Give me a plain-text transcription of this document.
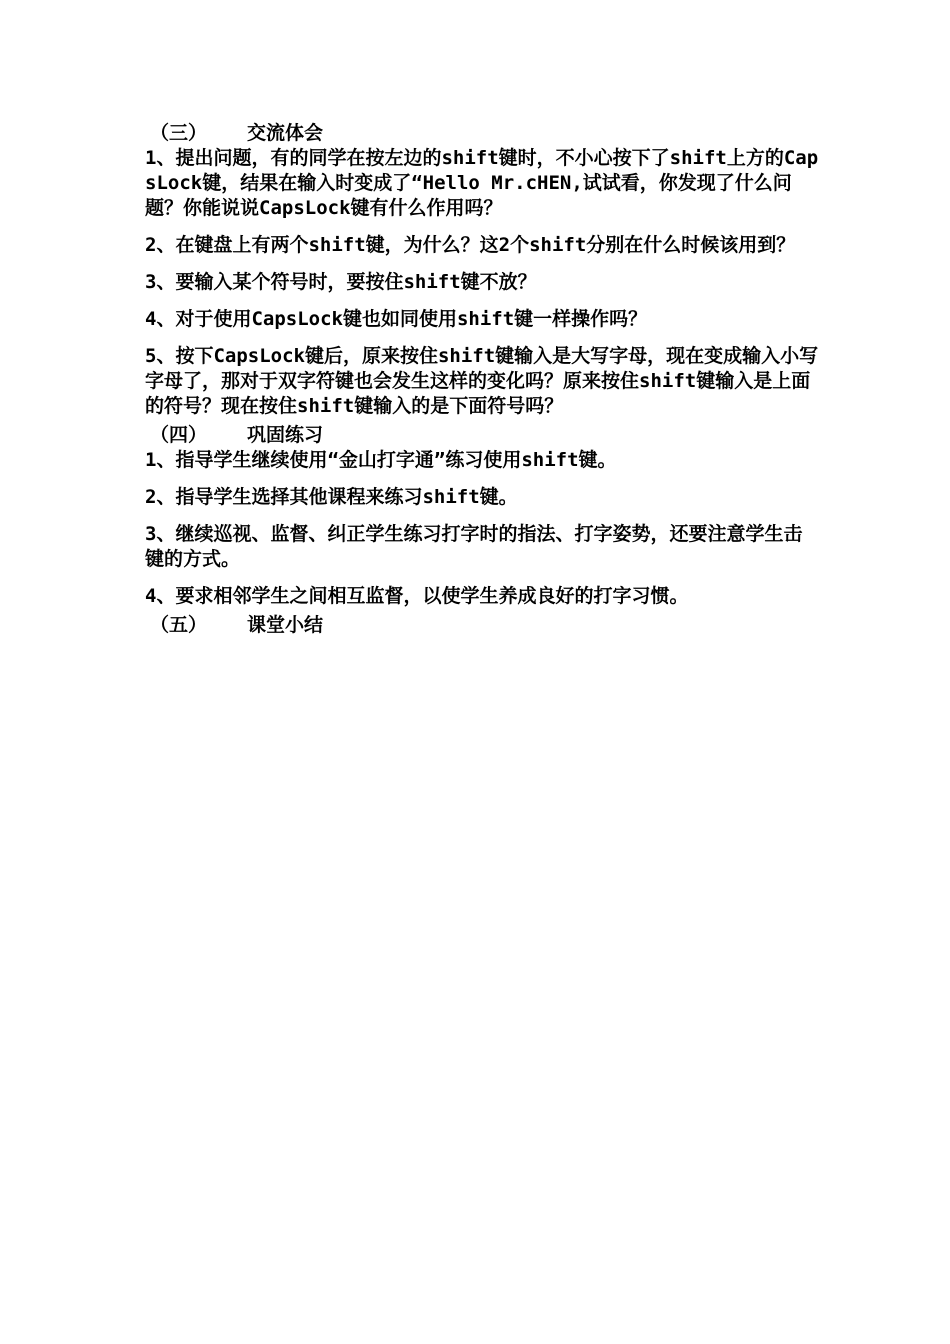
（三）	交流体会

1、提出问题，有的同学在按左边的shift键时，不小心按下了shift上方的CapsLock键，结果在输入时变成了“Hello Mr.cHEN,试试看，你发现了什么问题？你能说说CapsLock键有什么作用吗？

2、在键盘上有两个shift键，为什么？这2个shift分别在什么时候该用到？

3、要输入某个符号时，要按住shift键不放？

4、对于使用CapsLock键也如同使用shift键一样操作吗？

5、按下CapsLock键后，原来按住shift键输入是大写字母，现在变成输入小写字母了，那对于双字符键也会发生这样的变化吗？原来按住shift键输入是上面的符号？现在按住shift键输入的是下面符号吗？

（四）	巩固练习

1、指导学生继续使用“金山打字通”练习使用shift键。

2、指导学生选择其他课程来练习shift键。

3、继续巡视、监督、纠正学生练习打字时的指法、打字姿势，还要注意学生击键的方式。

4、要求相邻学生之间相互监督，以使学生养成良好的打字习惯。

（五）	课堂小结
